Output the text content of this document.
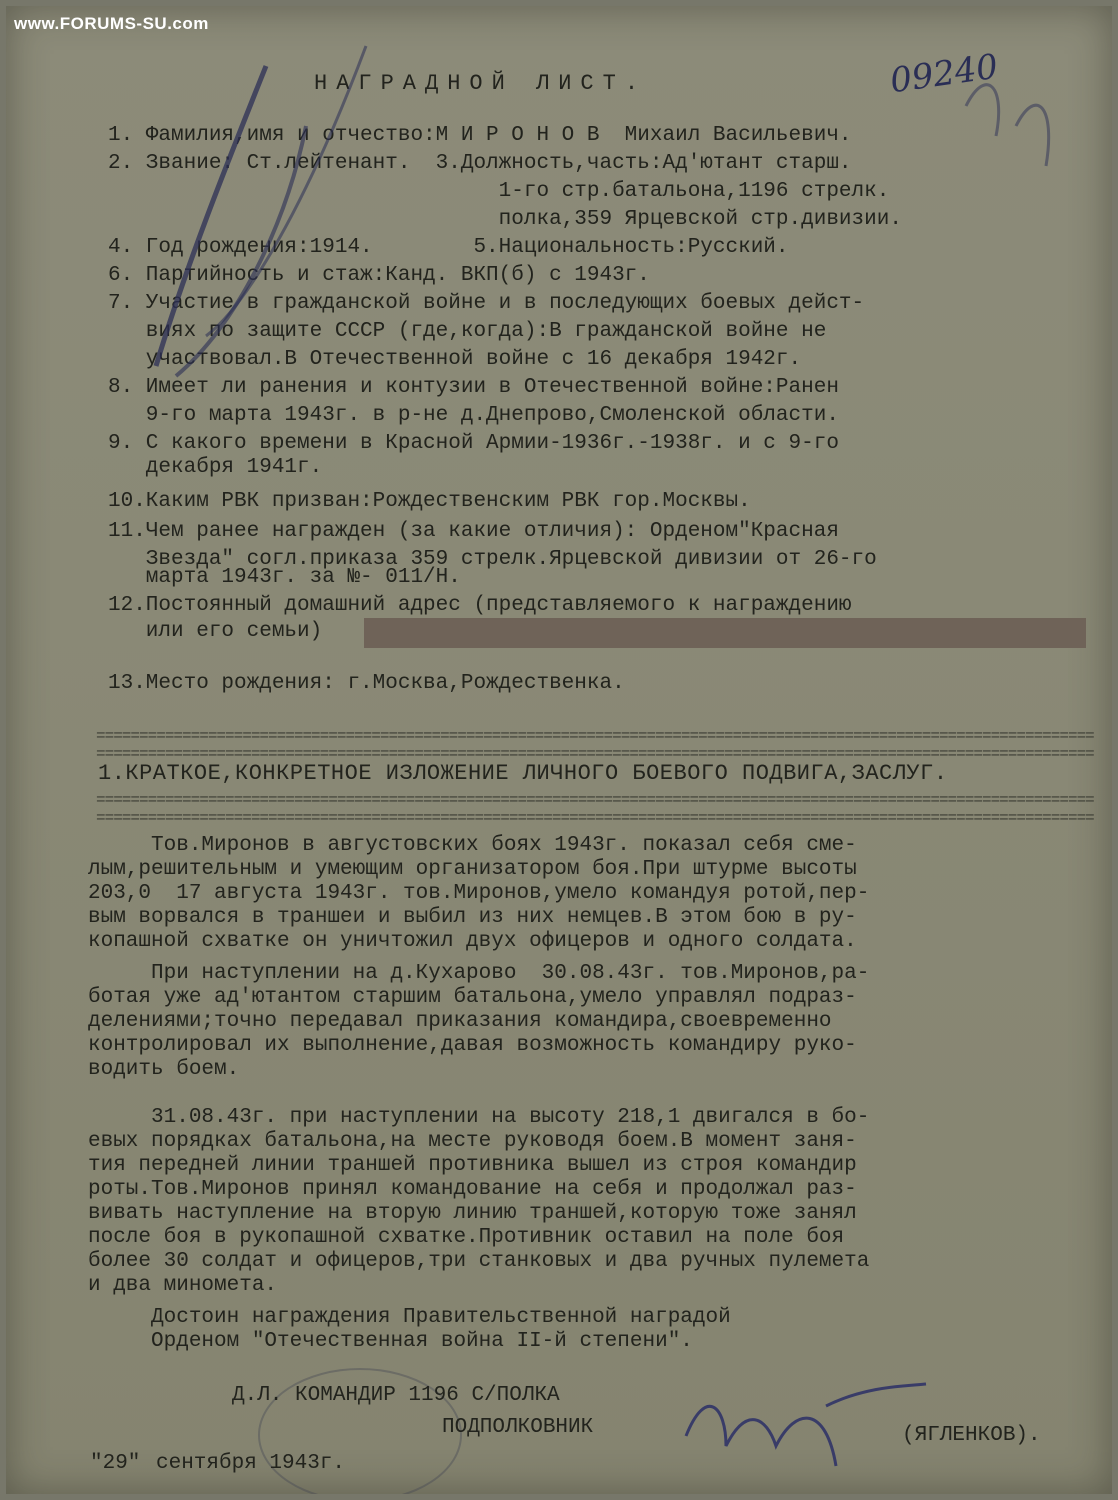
www.FORUMS-SU.com
НАГРАДНОЙ ЛИСТ.	09240
1. Фамилия,имя и отчество:М И Р О Н О В  Михаил Васильевич.
2. Звание: Ст.лейтенант.  3.Должность,часть:Ад'ютант старш.
1-го стр.батальона,1196 стрелк.
полка,359 Ярцевской стр.дивизии.
4. Год рождения:1914.        5.Национальность:Русский.
6. Партийность и стаж:Канд. ВКП(б) с 1943г.
7. Участие в гражданской войне и в последующих боевых дейст-
виях по защите СССР (где,когда):В гражданской войне не
участвовал.В Отечественной войне с 16 декабря 1942г.
8. Имеет ли ранения и контузии в Отечественной войне:Ранен
9-го марта 1943г. в р-не д.Днепрово,Смоленской области.
9. С какого времени в Красной Армии-1936г.-1938г. и с 9-го
декабря 1941г.
10.Каким РВК призван:Рождественским РВК гор.Москвы.
11.Чем ранее награжден (за какие отличия): Орденом"Красная
Звезда" согл.приказа 359 стрелк.Ярцевской дивизии от 26-го
марта 1943г. за №- 011/Н.
12.Постоянный домашний адрес (представляемого к награждению
или его семьи)
13.Место рождения: г.Москва,Рождественка.
====================================================================================================================
====================================================================================================================
1.КРАТКОЕ,КОНКРЕТНОЕ ИЗЛОЖЕНИЕ ЛИЧНОГО БОЕВОГО ПОДВИГА,ЗАСЛУГ.
====================================================================================================================
====================================================================================================================
Тов.Миронов в августовских боях 1943г. показал себя сме-
лым,решительным и умеющим организатором боя.При штурме высоты
203,0  17 августа 1943г. тов.Миронов,умело командуя ротой,пер-
вым ворвался в траншеи и выбил из них немцев.В этом бою в ру-
копашной схватке он уничтожил двух офицеров и одного солдата.
При наступлении на д.Кухарово  30.08.43г. тов.Миронов,ра-
ботая уже ад'ютантом старшим батальона,умело управлял подраз-
делениями;точно передавал приказания командира,своевременно
контролировал их выполнение,давая возможность командиру руко-
водить боем.
31.08.43г. при наступлении на высоту 218,1 двигался в бо-
евых порядках батальона,на месте руководя боем.В момент заня-
тия передней линии траншей противника вышел из строя командир
роты.Тов.Миронов принял командование на себя и продолжал раз-
вивать наступление на вторую линию траншей,которую тоже занял
после боя в рукопашной схватке.Противник оставил на поле боя
более 30 солдат и офицеров,три станковых и два ручных пулемета
и два миномета.
Достоин награждения Правительственной наградой
Орденом "Отечественная война II-й степени".
Д.Л. КОМАНДИР 1196 С/ПОЛКА
ПОДПОЛКОВНИК	(ЯГЛЕНКОВ).
"29" сентября 1943г.
